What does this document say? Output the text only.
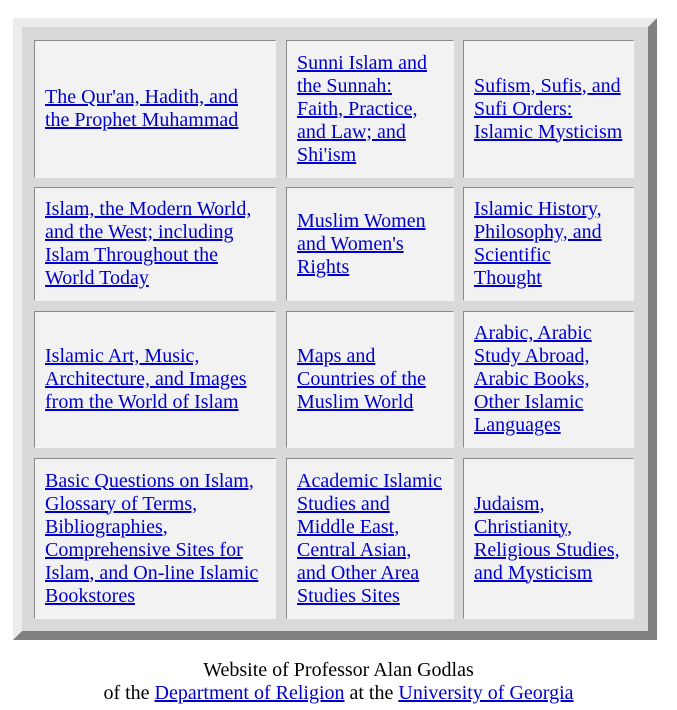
The Qur'an, Hadith, and the Prophet Muhammad
Sunni Islam and the Sunnah: Faith, Practice, and Law; and Shi'ism
Sufism, Sufis, and Sufi Orders: Islamic Mysticism
Islam, the Modern World, and the West; including Islam Throughout the World Today
Muslim Women and Women's Rights
Islamic History, Philosophy, and Scientific Thought
Islamic Art, Music, Architecture, and Images from the World of Islam
Maps and Countries of the Muslim World
Arabic, Arabic Study Abroad, Arabic Books, Other Islamic Languages
Basic Questions on Islam, Glossary of Terms, Bibliographies, Comprehensive Sites for Islam, and On-line Islamic Bookstores
Academic Islamic Studies and Middle East, Central Asian, and Other Area Studies Sites
Judaism, Christianity, Religious Studies, and Mysticism
Website of Professor Alan Godlas
of the Department of Religion at the University of Georgia
